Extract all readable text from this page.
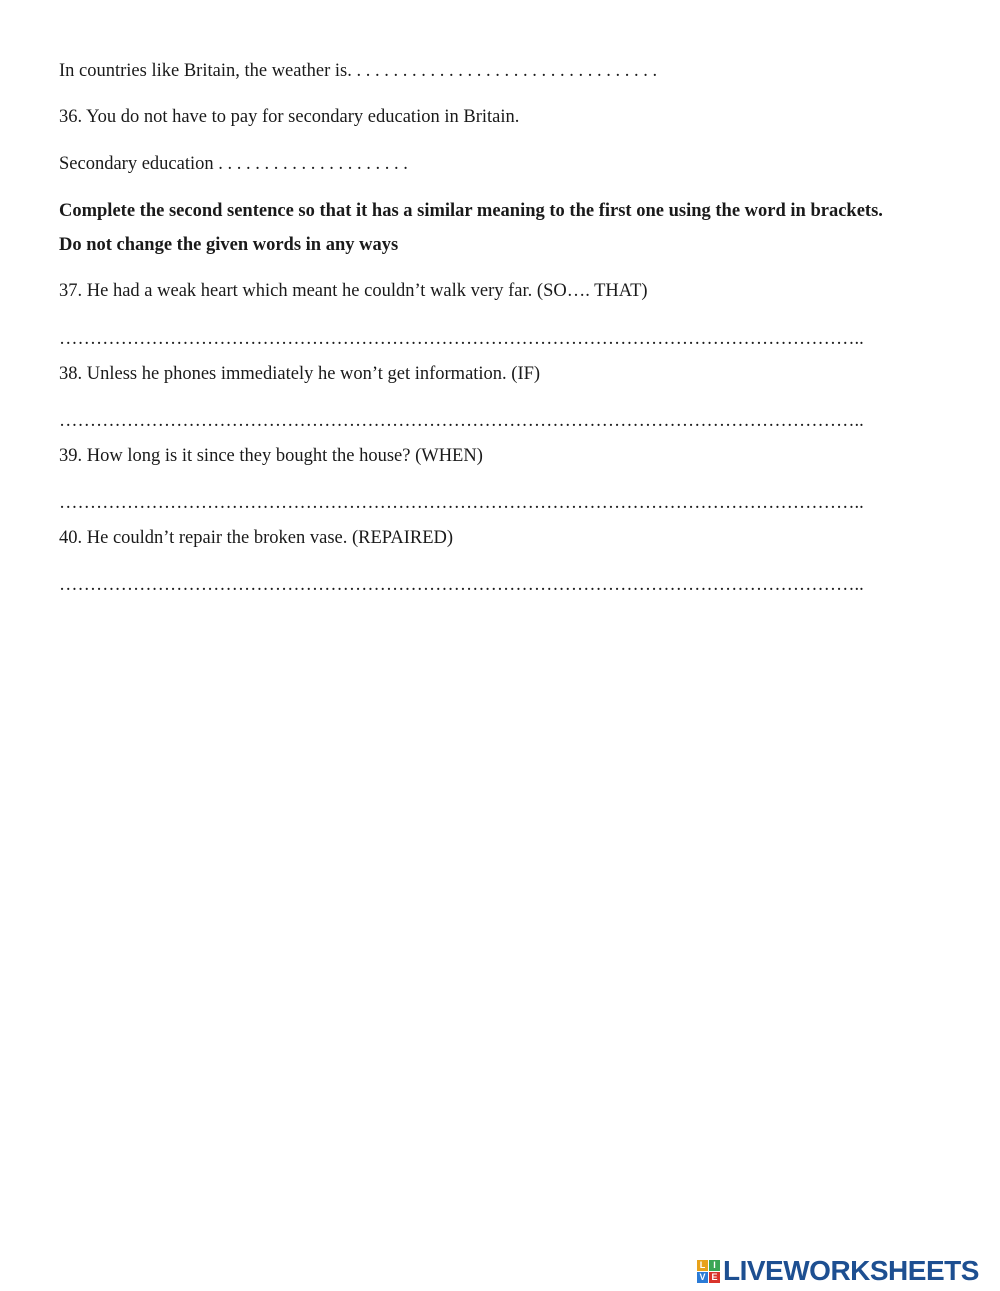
In countries like Britain, the weather is. . . . . . . . . . . . . . . . . . . . . . . . . . . . . . . . . .
36. You do not have to pay for secondary education in Britain.
Secondary education . . . . . . . . . . . . . . . . . . . . .
Complete the second sentence so that it has a similar meaning to the first one using the word in brackets.
Do not change the given words in any ways
37. He had a weak heart which meant he couldn’t walk very far. (SO…. THAT)
…………………………………………………………………………………………………………………..
38. Unless he phones immediately he won’t get information. (IF)
…………………………………………………………………………………………………………………..
39. How long is it since they bought the house? (WHEN)
…………………………………………………………………………………………………………………..
40. He couldn’t repair the broken vase. (REPAIRED)
…………………………………………………………………………………………………………………..
L I
V E LIVEWORKSHEETS
